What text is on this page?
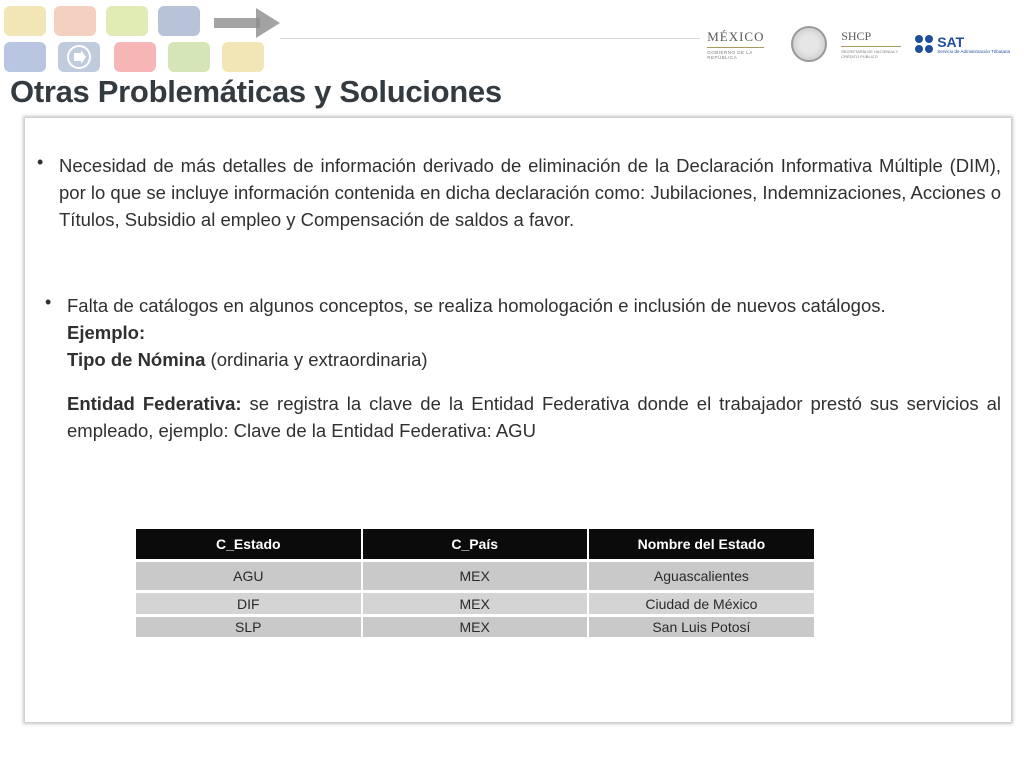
MÉXICO
GOBIERNO DE LA REPÚBLICA
SHCP
SECRETARÍA DE HACIENDA Y CRÉDITO PÚBLICO
SAT
Servicio de Administración Tributaria
Otras Problemáticas y Soluciones
• Necesidad de más detalles de información derivado de eliminación de la Declaración Informativa Múltiple (DIM), por lo que se incluye información contenida en dicha declaración como: Jubilaciones, Indemnizaciones, Acciones o Títulos, Subsidio al empleo y Compensación de saldos a favor.
• Falta de catálogos en algunos conceptos, se realiza homologación e inclusión de nuevos catálogos.
Ejemplo:
Tipo de Nómina (ordinaria y extraordinaria)
Entidad Federativa: se registra la clave de la Entidad Federativa donde el trabajador prestó sus servicios al empleado, ejemplo: Clave de la Entidad Federativa: AGU
C_Estado	C_País	Nombre del Estado
AGU	MEX	Aguascalientes
DIF	MEX	Ciudad de México
SLP	MEX	San Luis Potosí
